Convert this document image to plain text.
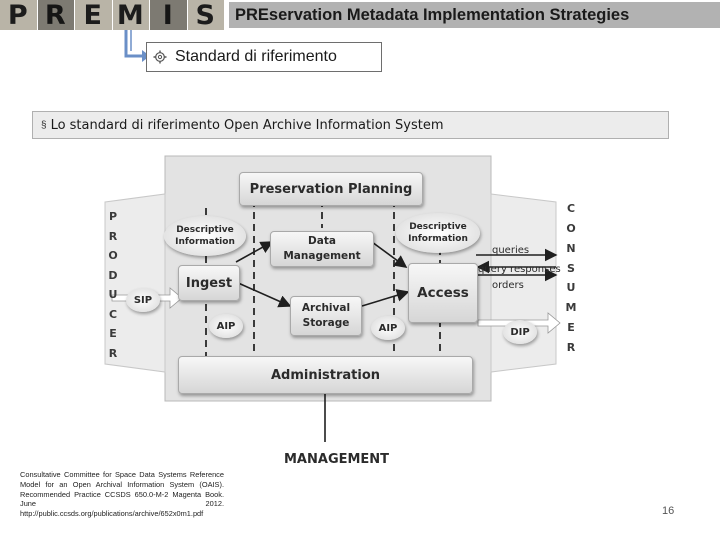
P R E M I S	PREservation Metadata Implementation Strategies
Standard di riferimento
§ Lo standard di riferimento Open Archive Information System
P
R
O
D
U
C
E
R
C
O
N
S
U
M
E
R
Preservation Planning
Descriptive
Information	Data
Management
Descriptive
Information
Ingest
Access
Archival
Storage
Administration
SIP
AIP	AIP	DIP
queries
query responses
orders
MANAGEMENT
Consultative Committee for Space Data Systems Reference Model for an Open Archival Information System (OAIS). Recommended Practice CCSDS 650.0-M-2 Magenta Book. June 2012. http://public.ccsds.org/publications/archive/652x0m1.pdf	16
